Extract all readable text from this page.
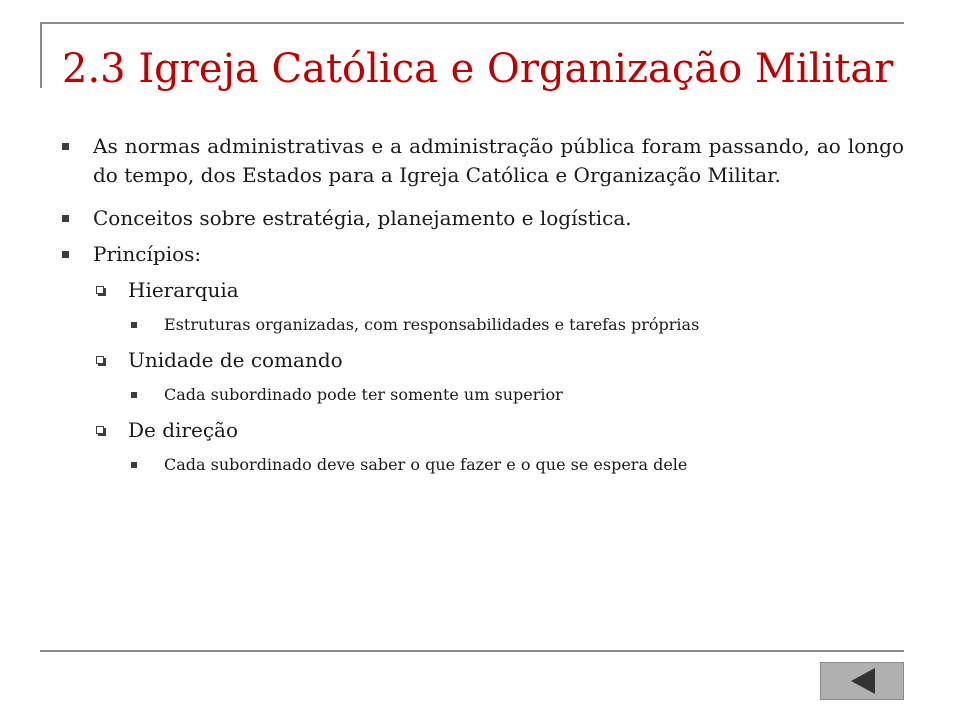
2.3 Igreja Católica e Organização Militar
As normas administrativas e a administração pública foram passando, ao longo do tempo, dos Estados para a Igreja Católica e Organização Militar.
Conceitos sobre estratégia, planejamento e logística.
Princípios:
Hierarquia
Estruturas organizadas, com responsabilidades e tarefas próprias
Unidade de comando
Cada subordinado pode ter somente um superior
De direção
Cada subordinado deve saber o que fazer e o que se espera dele
